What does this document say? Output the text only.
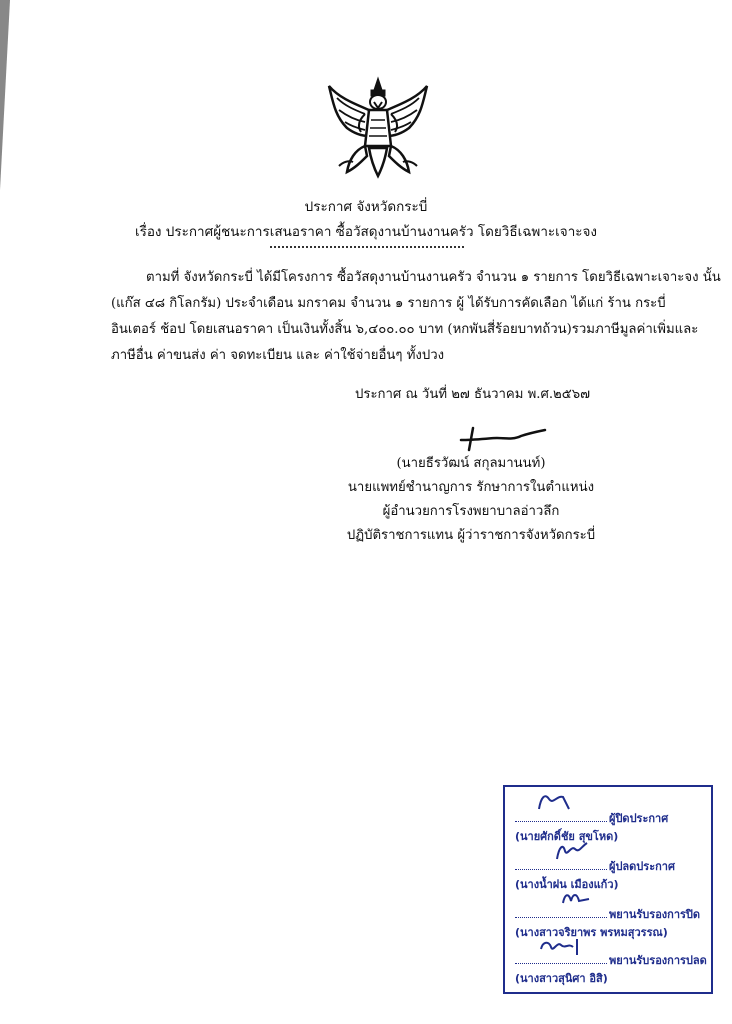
ประกาศ จังหวัดกระบี่
เรื่อง ประกาศผู้ชนะการเสนอราคา ซื้อวัสดุงานบ้านงานครัว โดยวิธีเฉพาะเจาะจง
ตามที่ จังหวัดกระบี่ ได้มีโครงการ ซื้อวัสดุงานบ้านงานครัว จำนวน ๑ รายการ โดยวิธีเฉพาะเจาะจง นั้น
(แก๊ส ๔๘ กิโลกรัม) ประจำเดือน มกราคม จำนวน ๑ รายการ ผู้ ได้รับการคัดเลือก ได้แก่ ร้าน กระบี่
อินเตอร์ ช้อป โดยเสนอราคา เป็นเงินทั้งสิ้น ๖,๔๐๐.๐๐ บาท (หกพันสี่ร้อยบาทถ้วน)รวมภาษีมูลค่าเพิ่มและ
ภาษีอื่น ค่าขนส่ง ค่า จดทะเบียน และ ค่าใช้จ่ายอื่นๆ ทั้งปวง
ประกาศ ณ วันที่ ๒๗ ธันวาคม พ.ศ.๒๕๖๗
(นายธีรวัฒน์ สกุลมานนท์)
นายแพทย์ชำนาญการ รักษาการในตำแหน่ง
ผู้อำนวยการโรงพยาบาลอ่าวลึก
ปฏิบัติราชการแทน ผู้ว่าราชการจังหวัดกระบี่
ผู้ปิดประกาศ
(นายศักดิ์ชัย สุขโหด)
ผู้ปลดประกาศ
(นางน้ำฝน เมืองแก้ว)
พยานรับรองการปิด
(นางสาวจริยาพร พรหมสุวรรณ)
พยานรับรองการปลด
(นางสาวสุนิศา อิสิ)
